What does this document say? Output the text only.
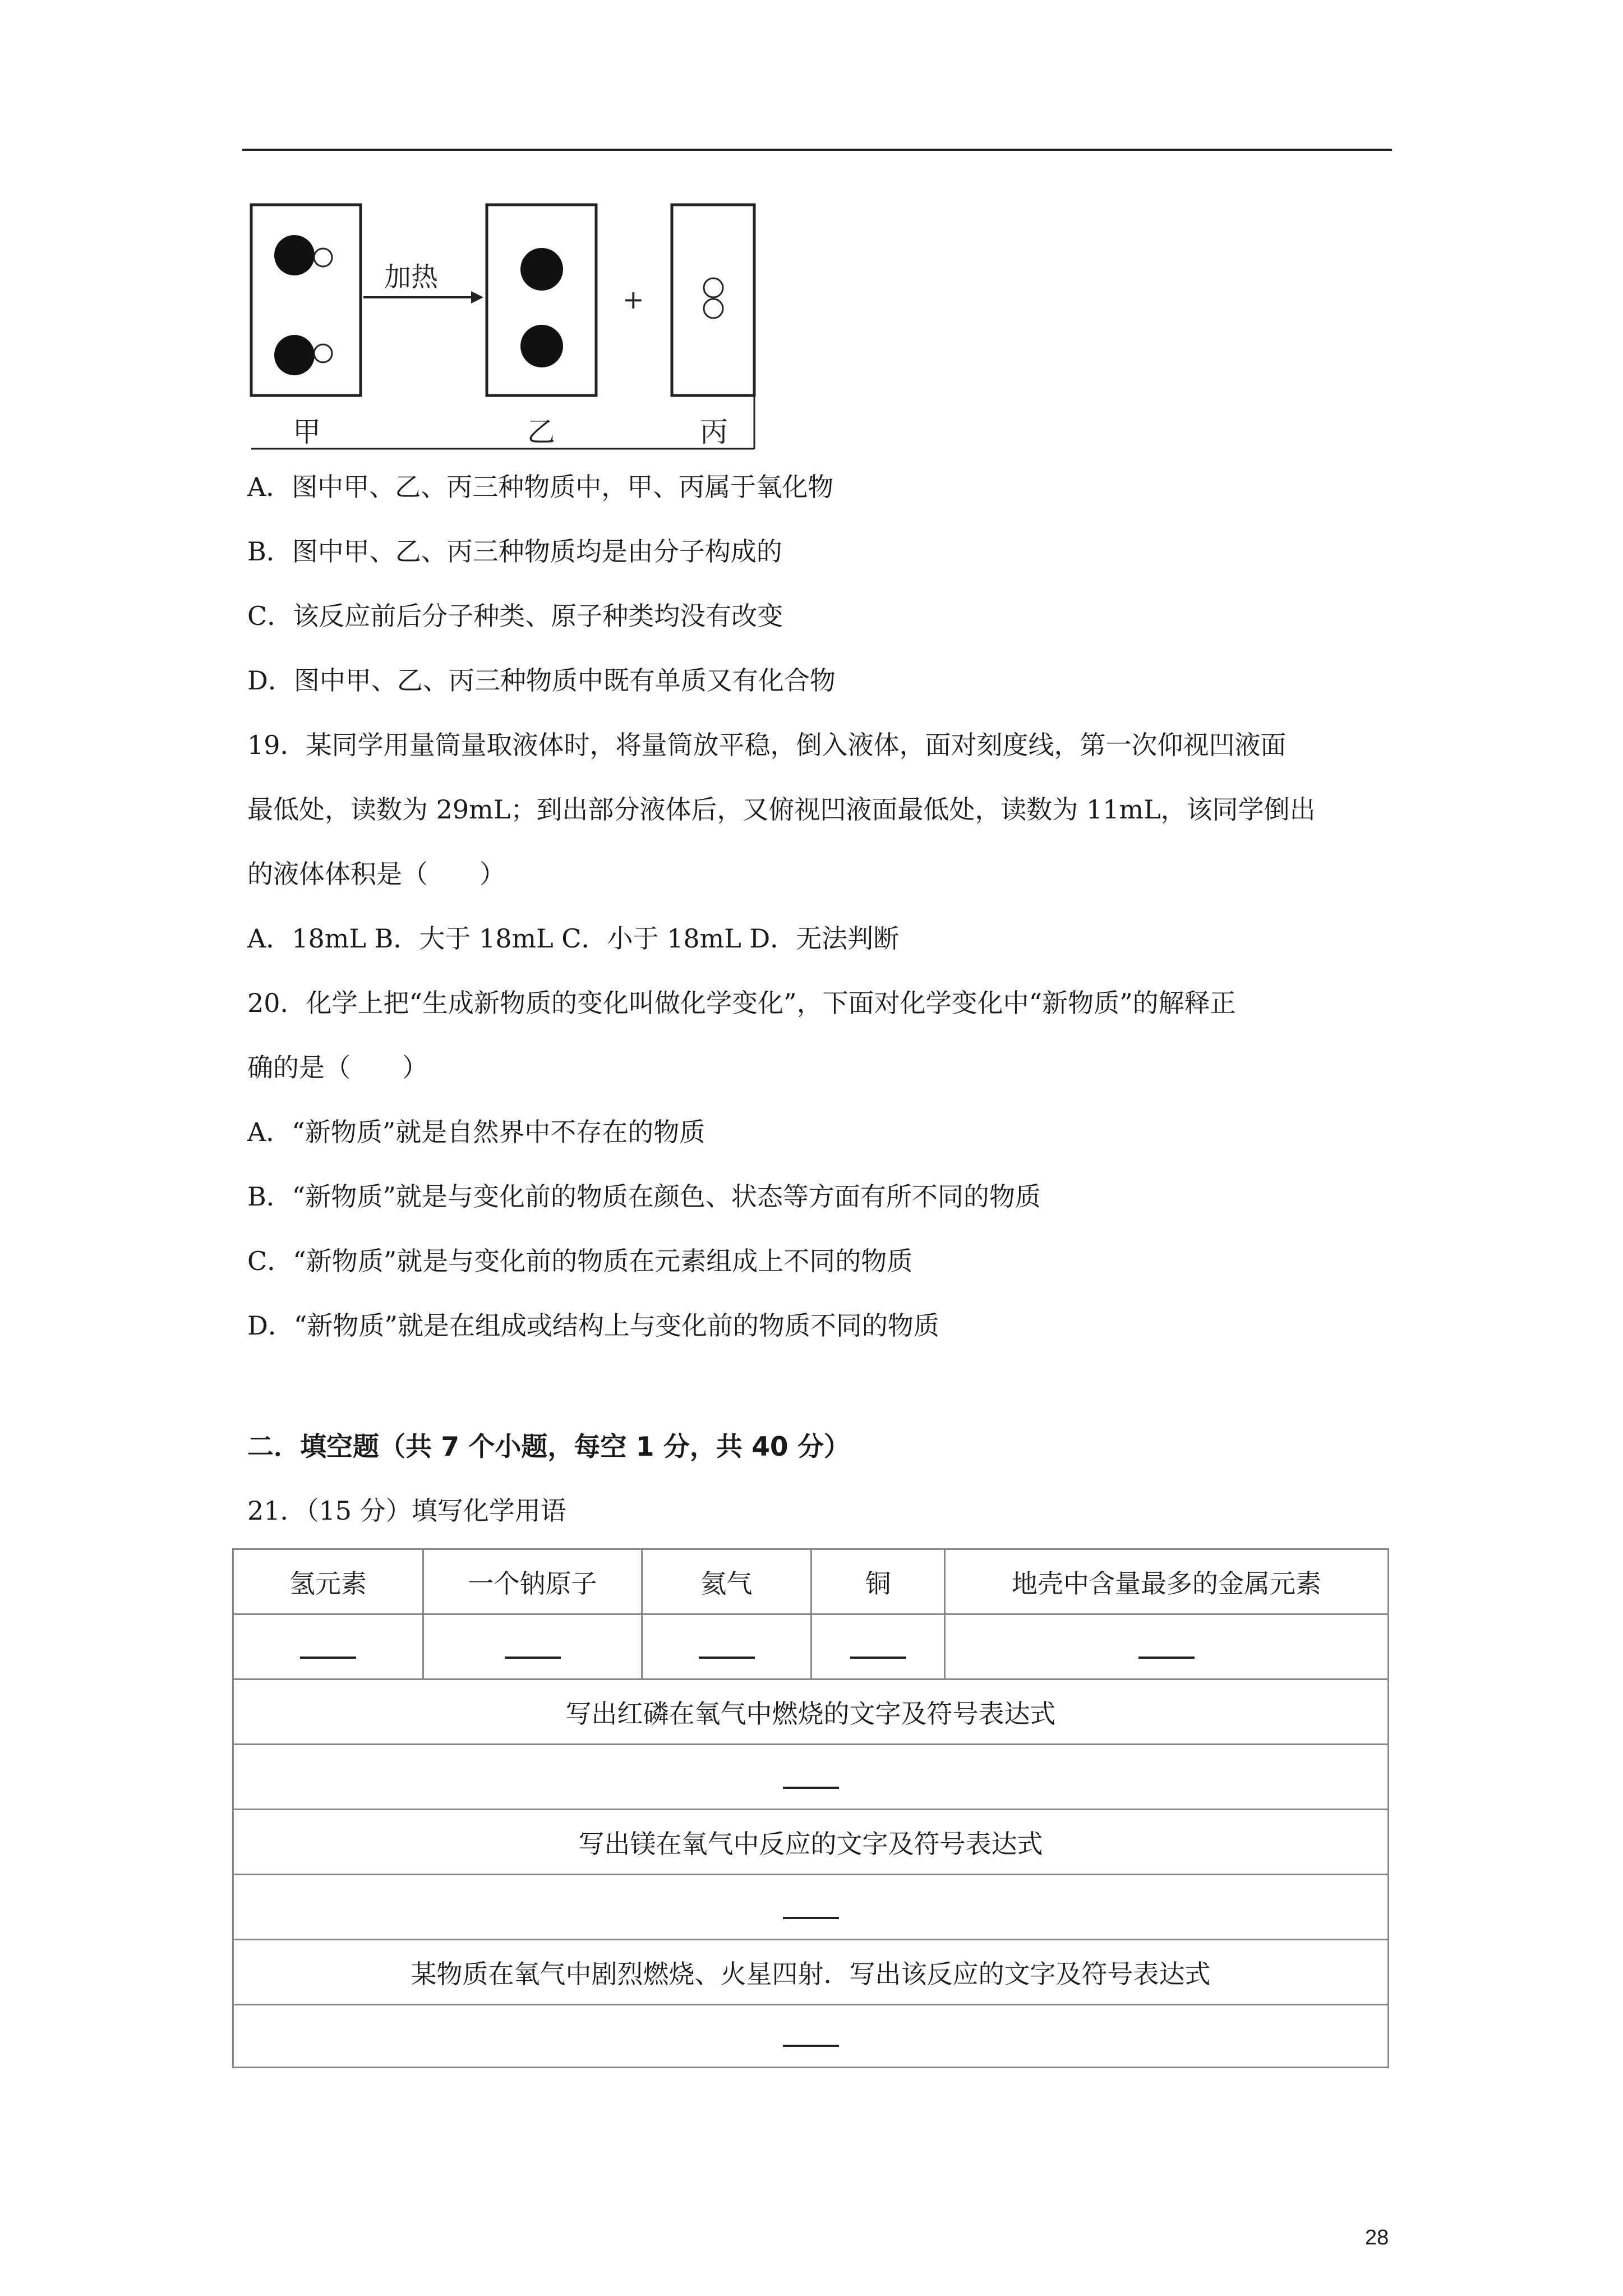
加热
+
甲	乙	丙
A．图中甲、乙、丙三种物质中，甲、丙属于氧化物
B．图中甲、乙、丙三种物质均是由分子构成的
C．该反应前后分子种类、原子种类均没有改变
D．图中甲、乙、丙三种物质中既有单质又有化合物
19．某同学用量筒量取液体时，将量筒放平稳，倒入液体，面对刻度线，第一次仰视凹液面
最低处，读数为 29mL；到出部分液体后，又俯视凹液面最低处，读数为 11mL，该同学倒出
的液体体积是（　　）
A．18mL B．大于 18mL C．小于 18mL D．无法判断
20．化学上把“生成新物质的变化叫做化学变化”，下面对化学变化中“新物质”的解释正
确的是（　　）
A．“新物质”就是自然界中不存在的物质
B．“新物质”就是与变化前的物质在颜色、状态等方面有所不同的物质
C．“新物质”就是与变化前的物质在元素组成上不同的物质
D．“新物质”就是在组成或结构上与变化前的物质不同的物质
二．填空题（共 7 个小题，每空 1 分，共 40 分）
21．（15 分）填写化学用语
氢元素	一个钠原子	氦气	铜	地壳中含量最多的金属元素

写出红磷在氧气中燃烧的文字及符号表达式				

写出镁在氧气中反应的文字及符号表达式				

某物质在氧气中剧烈燃烧、火星四射．写出该反应的文字及符号表达式				

28
